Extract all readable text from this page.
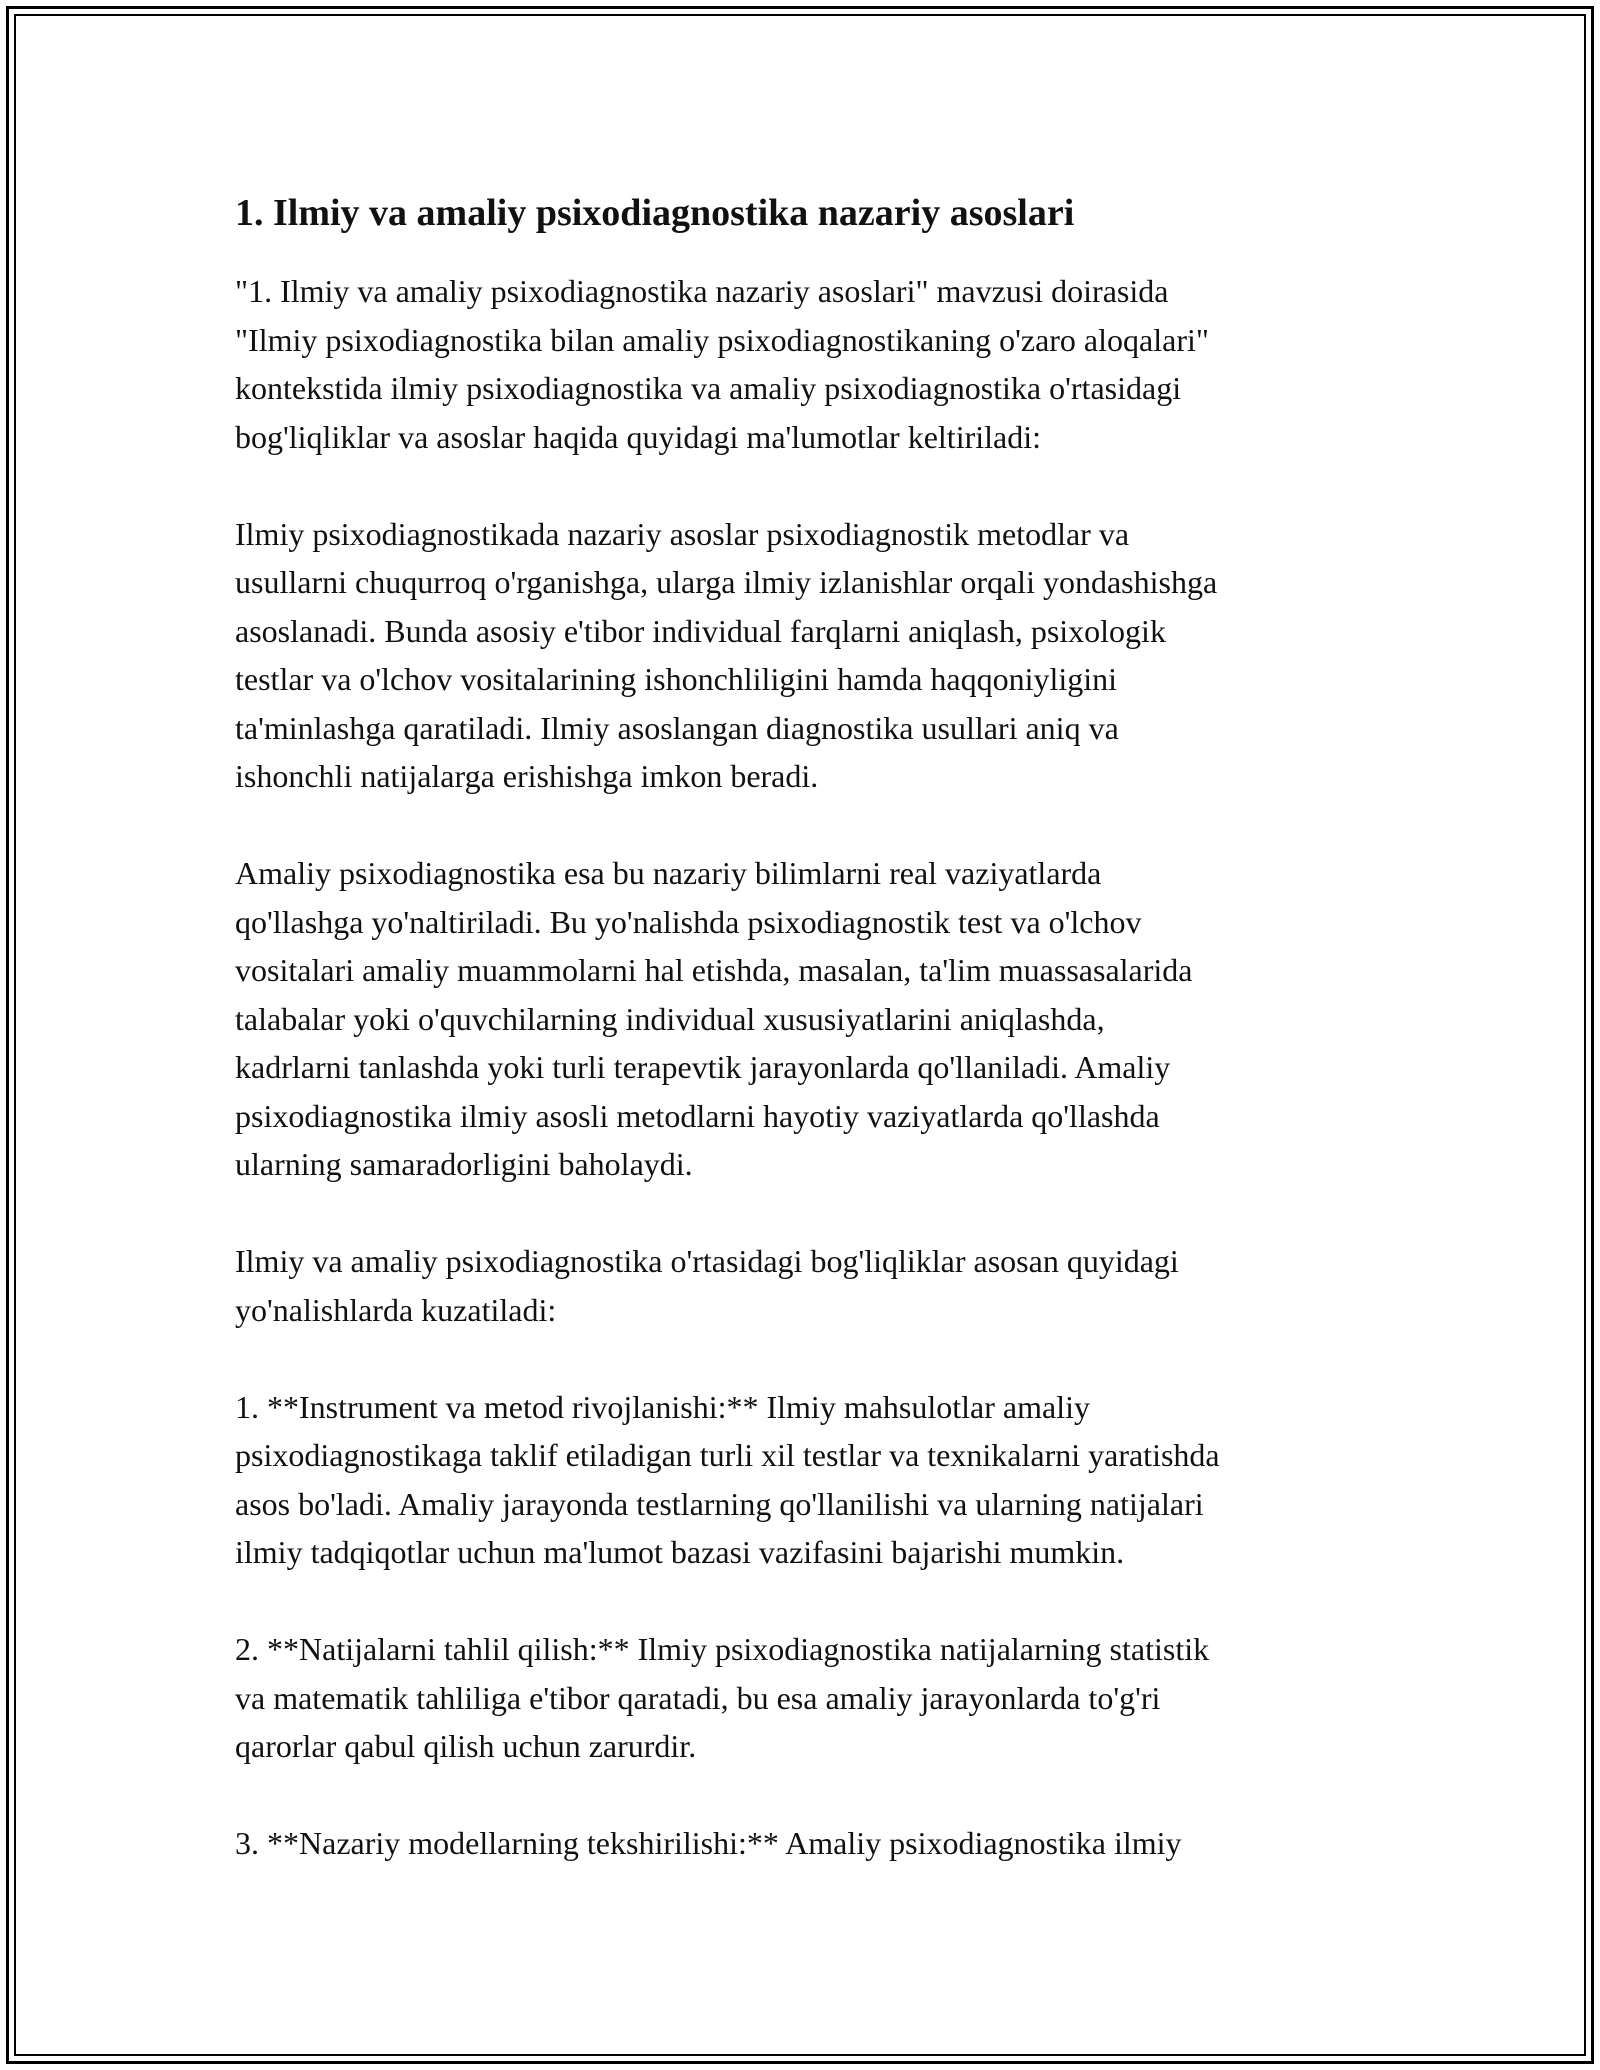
1. Ilmiy va amaliy psixodiagnostika nazariy asoslari
"1. Ilmiy va amaliy psixodiagnostika nazariy asoslari" mavzusi doirasida
"Ilmiy psixodiagnostika bilan amaliy psixodiagnostikaning o'zaro aloqalari"
kontekstida ilmiy psixodiagnostika va amaliy psixodiagnostika o'rtasidagi
bog'liqliklar va asoslar haqida quyidagi ma'lumotlar keltiriladi:
Ilmiy psixodiagnostikada nazariy asoslar psixodiagnostik metodlar va
usullarni chuqurroq o'rganishga, ularga ilmiy izlanishlar orqali yondashishga
asoslanadi. Bunda asosiy e'tibor individual farqlarni aniqlash, psixologik
testlar va o'lchov vositalarining ishonchliligini hamda haqqoniyligini
ta'minlashga qaratiladi. Ilmiy asoslangan diagnostika usullari aniq va
ishonchli natijalarga erishishga imkon beradi.
Amaliy psixodiagnostika esa bu nazariy bilimlarni real vaziyatlarda
qo'llashga yo'naltiriladi. Bu yo'nalishda psixodiagnostik test va o'lchov
vositalari amaliy muammolarni hal etishda, masalan, ta'lim muassasalarida
talabalar yoki o'quvchilarning individual xususiyatlarini aniqlashda,
kadrlarni tanlashda yoki turli terapevtik jarayonlarda qo'llaniladi. Amaliy
psixodiagnostika ilmiy asosli metodlarni hayotiy vaziyatlarda qo'llashda
ularning samaradorligini baholaydi.
Ilmiy va amaliy psixodiagnostika o'rtasidagi bog'liqliklar asosan quyidagi
yo'nalishlarda kuzatiladi:
1. **Instrument va metod rivojlanishi:** Ilmiy mahsulotlar amaliy
psixodiagnostikaga taklif etiladigan turli xil testlar va texnikalarni yaratishda
asos bo'ladi. Amaliy jarayonda testlarning qo'llanilishi va ularning natijalari
ilmiy tadqiqotlar uchun ma'lumot bazasi vazifasini bajarishi mumkin.
2. **Natijalarni tahlil qilish:** Ilmiy psixodiagnostika natijalarning statistik
va matematik tahliliga e'tibor qaratadi, bu esa amaliy jarayonlarda to'g'ri
qarorlar qabul qilish uchun zarurdir.
3. **Nazariy modellarning tekshirilishi:** Amaliy psixodiagnostika ilmiy
